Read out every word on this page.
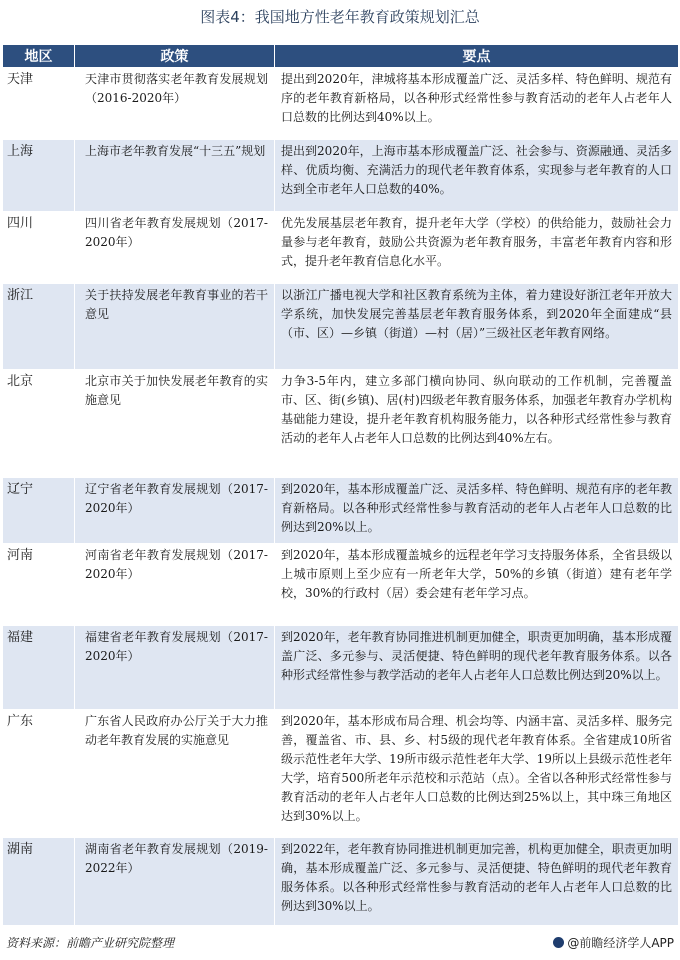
图表4：我国地方性老年教育政策规划汇总
地区	政策	要点
天津	天津市贯彻落实老年教育发展规划（2016-2020年）	提出到2020年，津城将基本形成覆盖广泛、灵活多样、特色鲜明、规范有序的老年教育新格局，以各种形式经常性参与教育活动的老年人占老年人口总数的比例达到40%以上。
上海	上海市老年教育发展“十三五”规划	提出到2020年，上海市基本形成覆盖广泛、社会参与、资源融通、灵活多样、优质均衡、充满活力的现代老年教育体系，实现参与老年教育的人口达到全市老年人口总数的40%。
四川	四川省老年教育发展规划（2017-2020年）	优先发展基层老年教育，提升老年大学（学校）的供给能力，鼓励社会力量参与老年教育，鼓励公共资源为老年教育服务，丰富老年教育内容和形式，提升老年教育信息化水平。
浙江	关于扶持发展老年教育事业的若干意见	以浙江广播电视大学和社区教育系统为主体，着力建设好浙江老年开放大学系统，加快发展完善基层老年教育服务体系，到2020年全面建成“县（市、区）—乡镇（街道）—村（居）”三级社区老年教育网络。
北京	北京市关于加快发展老年教育的实施意见	力争3-5年内，建立多部门横向协同、纵向联动的工作机制，完善覆盖市、区、街(乡镇)、居(村)四级老年教育服务体系，加强老年教育办学机构基础能力建设，提升老年教育机构服务能力，以各种形式经常性参与教育活动的老年人占老年人口总数的比例达到40%左右。
辽宁	辽宁省老年教育发展规划（2017-2020年）	到2020年，基本形成覆盖广泛、灵活多样、特色鲜明、规范有序的老年教育新格局。以各种形式经常性参与教育活动的老年人占老年人口总数的比例达到20%以上。
河南	河南省老年教育发展规划（2017-2020年）	到2020年，基本形成覆盖城乡的远程老年学习支持服务体系，全省县级以上城市原则上至少应有一所老年大学，50%的乡镇（街道）建有老年学校，30%的行政村（居）委会建有老年学习点。
福建	福建省老年教育发展规划（2017-2020年）	到2020年，老年教育协同推进机制更加健全，职责更加明确，基本形成覆盖广泛、多元参与、灵活便捷、特色鲜明的现代老年教育服务体系。以各种形式经常性参与教学活动的老年人占老年人口总数比例达到20%以上。
广东	广东省人民政府办公厅关于大力推动老年教育发展的实施意见	到2020年，基本形成布局合理、机会均等、内涵丰富、灵活多样、服务完善，覆盖省、市、县、乡、村5级的现代老年教育体系。全省建成10所省级示范性老年大学、19所市级示范性老年大学、19所以上县级示范性老年大学，培育500所老年示范校和示范站（点）。全省以各种形式经常性参与教育活动的老年人占老年人口总数的比例达到25%以上，其中珠三角地区达到30%以上。
湖南	湖南省老年教育发展规划（2019-2022年）	到2022年，老年教育协同推进机制更加完善，机构更加健全，职责更加明确，基本形成覆盖广泛、多元参与、灵活便捷、特色鲜明的现代老年教育服务体系。以各种形式经常性参与教育活动的老年人占老年人口总数的比例达到30%以上。
资料来源：前瞻产业研究院整理	@前瞻经济学人APP
